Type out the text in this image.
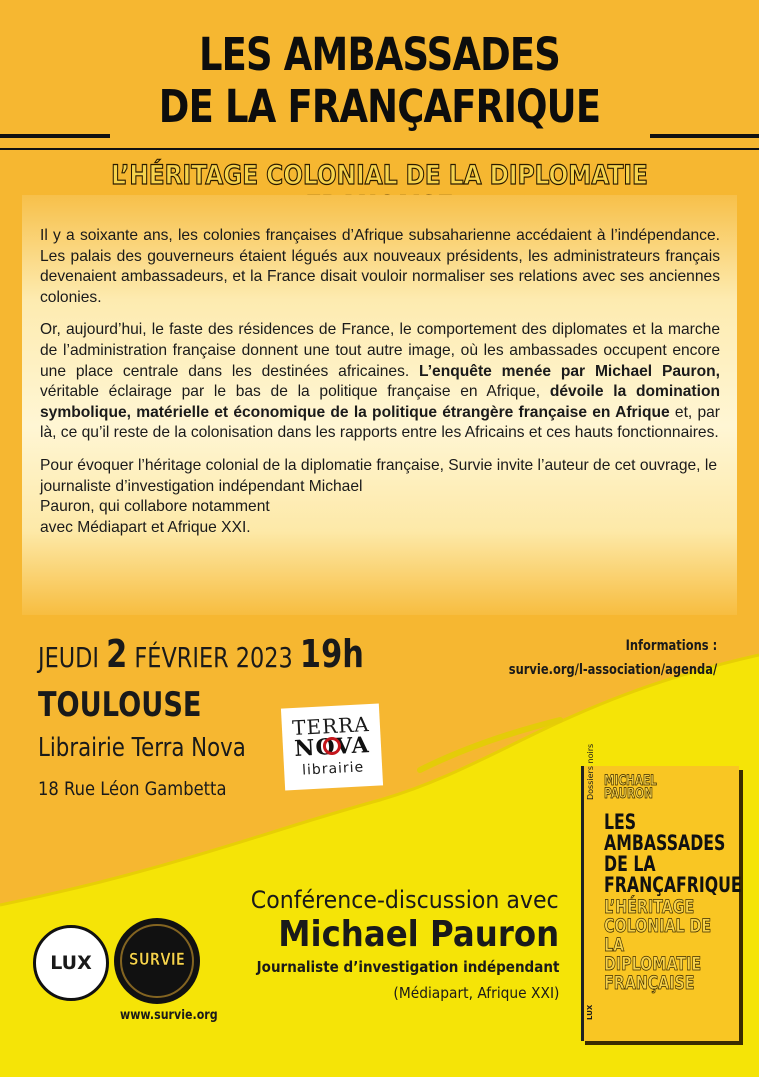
LES AMBASSADES
DE LA FRANÇAFRIQUE
L’HÉRITAGE COLONIAL DE LA DIPLOMATIE

Il y a soixante ans, les colonies françaises d’Afrique subsaharienne accédaient à l’indépendance. Les palais des gouverneurs étaient légués aux nouveaux présidents, les administrateurs français devenaient ambassadeurs, et la France disait vouloir normaliser ses relations avec ses anciennes colonies.

Or, aujourd’hui, le faste des résidences de France, le comportement des diplomates et la marche de l’administration française donnent une tout autre image, où les ambassades occupent encore une place centrale dans les destinées africaines. L’enquête menée par Michael Pauron, véritable éclairage par le bas de la politique française en Afrique, dévoile la domination symbolique, matérielle et économique de la politique étrangère française en Afrique et, par là, ce qu’il reste de la colonisation dans les rapports entre les Africains et ces hauts fonctionnaires.

Pour évoquer l’héritage colonial de la diplomatie française, Survie invite l’auteur de cet ouvrage, le journaliste d’investigation indépendant Michael
Pauron, qui collabore notamment
avec Médiapart et Afrique XXI.

JEUDI 2 FÉVRIER 2023 19h	Informations :
survie.org/l-association/agenda/
TOULOUSE
Librairie Terra Nova
18 Rue Léon Gambetta
TERRA
NOVA
librairie
Conférence-discussion avec
Michael Pauron
Journaliste d’investigation indépendant
(Médiapart, Afrique XXI)
LUX	SURVIE
www.survie.org
Dossiers noirs MICHAEL
PAURON
LES
AMBASSADES
DE LA
FRANÇAFRIQUE
L’HÉRITAGE
COLONIAL DE
LA DIPLOMATIE
FRANÇAISE
LUX
